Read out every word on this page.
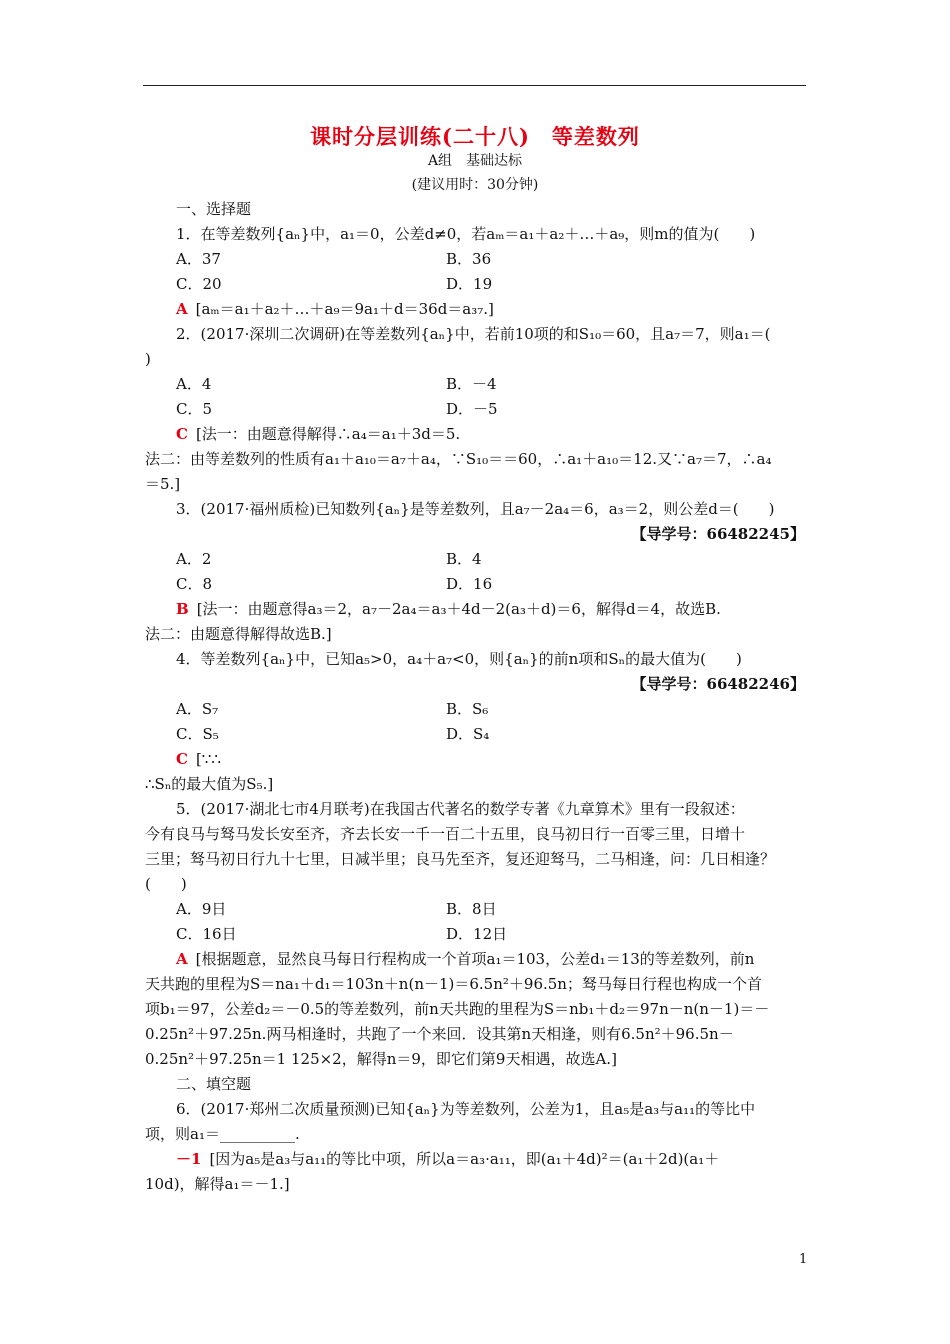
课时分层训练(二十八)　等差数列
A组　基础达标
(建议用时：30分钟)
一、选择题
1．在等差数列{aₙ}中，a₁＝0，公差d≠0，若aₘ＝a₁＋a₂＋…＋a₉，则m的值为(　　)
A．37	B．36
C．20	D．19
A [aₘ＝a₁＋a₂＋…＋a₉＝9a₁＋d＝36d＝a₃₇.]
2．(2017·深圳二次调研)在等差数列{aₙ}中，若前10项的和S₁₀＝60，且a₇＝7，则a₁＝(
)
A．4	B．－4
C．5	D．－5
C [法一：由题意得解得∴a₄＝a₁＋3d＝5.
法二：由等差数列的性质有a₁＋a₁₀＝a₇＋a₄，∵S₁₀＝＝60，∴a₁＋a₁₀＝12.又∵a₇＝7，∴a₄
＝5.]
3．(2017·福州质检)已知数列{aₙ}是等差数列，且a₇－2a₄＝6，a₃＝2，则公差d＝(　　)
【导学号：66482245】
A．2	B．4
C．8	D．16
B [法一：由题意得a₃＝2，a₇－2a₄＝a₃＋4d－2(a₃＋d)＝6，解得d＝4，故选B.
法二：由题意得解得故选B.]
4．等差数列{aₙ}中，已知a₅>0，a₄＋a₇<0，则{aₙ}的前n项和Sₙ的最大值为(　　)
【导学号：66482246】
A．S₇	B．S₆
C．S₅	D．S₄
C [∵∴
∴Sₙ的最大值为S₅.]
5．(2017·湖北七市4月联考)在我国古代著名的数学专著《九章算术》里有一段叙述：
今有良马与驽马发长安至齐，齐去长安一千一百二十五里，良马初日行一百零三里，日增十
三里；驽马初日行九十七里，日减半里；良马先至齐，复还迎驽马，二马相逢，问：几日相逢？
(　　)
A．9日	B．8日
C．16日	D．12日
A [根据题意，显然良马每日行程构成一个首项a₁＝103，公差d₁＝13的等差数列，前n
天共跑的里程为S＝na₁＋d₁＝103n＋n(n－1)＝6.5n²＋96.5n；驽马每日行程也构成一个首
项b₁＝97，公差d₂＝－0.5的等差数列，前n天共跑的里程为S＝nb₁＋d₂＝97n－n(n－1)＝－
0.25n²＋97.25n.两马相逢时，共跑了一个来回．设其第n天相逢，则有6.5n²＋96.5n－
0.25n²＋97.25n＝1 125×2，解得n＝9，即它们第9天相遇，故选A.]
二、填空题
6．(2017·郑州二次质量预测)已知{aₙ}为等差数列，公差为1，且a₅是a₃与a₁₁的等比中
项，则a₁＝__________.
－1 [因为a₅是a₃与a₁₁的等比中项，所以a＝a₃·a₁₁，即(a₁＋4d)²＝(a₁＋2d)(a₁＋
10d)，解得a₁＝－1.]
1
